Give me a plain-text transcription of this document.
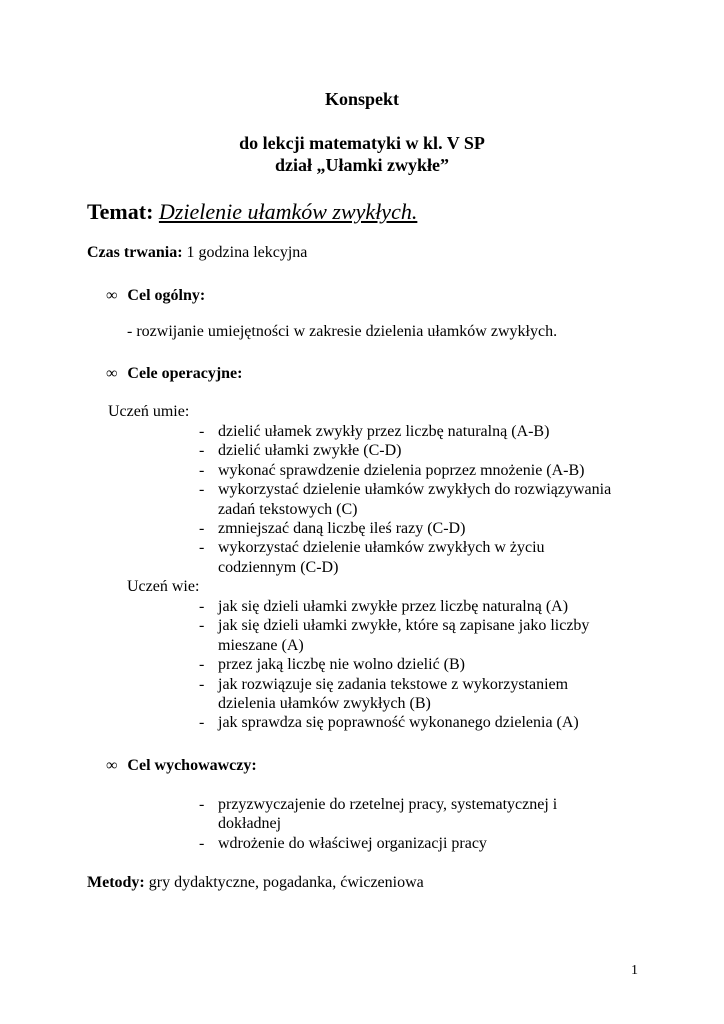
Konspekt
do lekcji matematyki w kl. V SP
dział „Ułamki zwykłe”
Temat: Dzielenie ułamków zwykłych.
Czas trwania: 1 godzina lekcyjna
∞ Cel ogólny:
- rozwijanie umiejętności w zakresie dzielenia ułamków zwykłych.
∞ Cele operacyjne:
Uczeń umie:
- dzielić ułamek zwykły przez liczbę naturalną (A-B)
- dzielić ułamki zwykłe (C-D)
- wykonać sprawdzenie dzielenia poprzez mnożenie (A-B)
- wykorzystać dzielenie ułamków zwykłych do rozwiązywania
zadań tekstowych (C)
- zmniejszać daną liczbę ileś razy (C-D)
- wykorzystać dzielenie ułamków zwykłych w życiu
codziennym (C-D)
Uczeń wie:
- jak się dzieli ułamki zwykłe przez liczbę naturalną (A)
- jak się dzieli ułamki zwykłe, które są zapisane jako liczby
mieszane (A)
- przez jaką liczbę nie wolno dzielić (B)
- jak rozwiązuje się zadania tekstowe z wykorzystaniem
dzielenia ułamków zwykłych (B)
- jak sprawdza się poprawność wykonanego dzielenia (A)
∞ Cel wychowawczy:
- przyzwyczajenie do rzetelnej pracy, systematycznej i
dokładnej
- wdrożenie do właściwej organizacji pracy
Metody: gry dydaktyczne, pogadanka, ćwiczeniowa
1
